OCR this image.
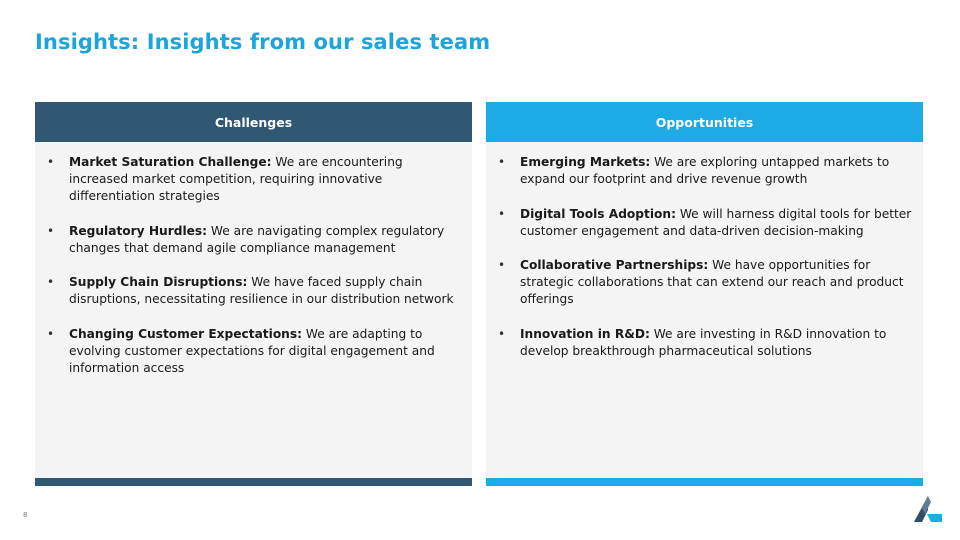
Insights: Insights from our sales team
Challenges
• Market Saturation Challenge: We are encountering increased market competition, requiring innovative differentiation strategies
• Regulatory Hurdles: We are navigating complex regulatory changes that demand agile compliance management
• Supply Chain Disruptions: We have faced supply chain disruptions, necessitating resilience in our distribution network
• Changing Customer Expectations: We are adapting to evolving customer expectations for digital engagement and information access
Opportunities
• Emerging Markets: We are exploring untapped markets to expand our footprint and drive revenue growth
• Digital Tools Adoption: We will harness digital tools for better customer engagement and data-driven decision-making
• Collaborative Partnerships: We have opportunities for strategic collaborations that can extend our reach and product offerings
• Innovation in R&D: We are investing in R&D innovation to develop breakthrough pharmaceutical solutions
8
